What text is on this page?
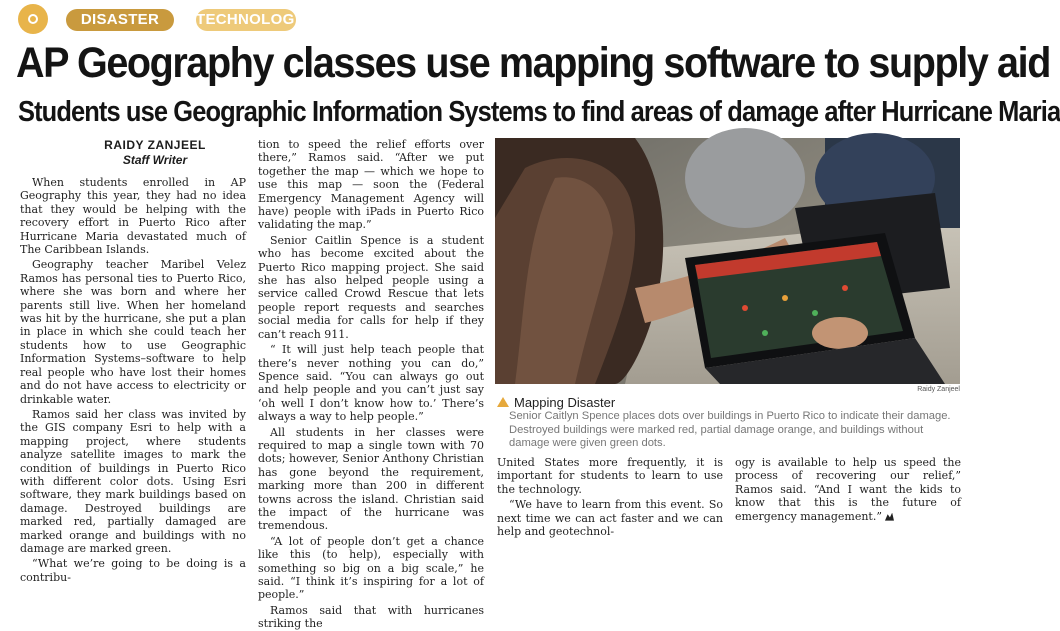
DISASTER	TECHNOLOGY
AP Geography classes use mapping software to supply aid
Students use Geographic Information Systems to find areas of damage after Hurricane Maria
RAIDY ZANJEEL
Staff Writer

When students enrolled in AP Geography this year, they had no idea that they would be helping with the recovery effort in Puerto Rico after Hurricane Maria devastated much of The Caribbean Islands.

Geography teacher Maribel Velez Ramos has personal ties to Puerto Rico, where she was born and where her parents still live. When her homeland was hit by the hurricane, she put a plan in place in which she could teach her students how to use Geographic Information Systems–software to help real people who have lost their homes and do not have access to electricity or drinkable water.

Ramos said her class was invited by the GIS company Esri to help with a mapping project, where students analyze satellite images to mark the condition of buildings in Puerto Rico with different color dots. Using Esri software, they mark buildings based on damage. Destroyed buildings are marked red, partially damaged are marked orange and buildings with no damage are marked green.

“What we’re going to be doing is a contribu-

tion to speed the relief efforts over there,” Ramos said. “After we put together the map — which we hope to use this map — soon the (Federal Emergency Management Agency will have) people with iPads in Puerto Rico validating the map.”

Senior Caitlin Spence is a student who has become excited about the Puerto Rico mapping project. She said she has also helped people using a service called Crowd Rescue that lets people report requests and searches social media for calls for help if they can’t reach 911.

“ It will just help teach people that there’s never nothing you can do,” Spence said. “You can always go out and help people and you can’t just say ‘oh well I don’t know how to.’ There’s always a way to help people.”

All students in her classes were required to map a single town with 70 dots; however, Senior Anthony Christian has gone beyond the requirement, marking more than 200 in different towns across the island. Christian said the impact of the hurricane was tremendous.

“A lot of people don’t get a chance like this (to help), especially with something so big on a big scale,” he said. “I think it’s inspiring for a lot of people.”

Ramos said that with hurricanes striking the

Raidy Zanjeel
Mapping Disaster
Senior Caitlyn Spence places dots over buildings in Puerto Rico to indicate their damage. Destroyed buildings were marked red, partial damage orange, and buildings without damage were given green dots.

United States more frequently, it is important for students to learn to use the technology.

“We have to learn from this event. So next time we can act faster and we can help and geotechnol-

ogy is available to help us speed the process of recovering our relief,” Ramos said. “And I want the kids to know that this is the future of emergency management.”
